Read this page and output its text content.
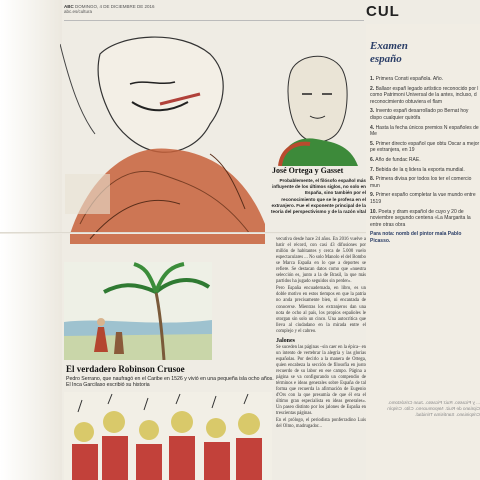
ABC DOMINGO, 4 DE DICIEMBRE DE 2016
abc.es/cultura	CUL
José Ortega y Gasset
Probablemente, el filósofo español más influyente de los últimos siglos, no solo en España, sino también por el reconocimiento que se le profesa en el extranjero. Fue el exponente principal de la teoría del perspectivismo y de la razón vital

vecutiva desde hace 24 años. En 2016 vuelve a batir el récord, con casi 43 difusiones por millón de habitantes y cerca de 5.000 vuelo espectaculares ... No solo Manolo el del Bombo se Marca España en lo que a deportes se refiere. Se destacan datos como que «nuestra selección es, junto a la de Brasil, la que más partidos ha jugado seguidos sin perder».

Pero España encuadernada, en libro, es un doble motivo en estos tiempos en que la patria no anda precisamente bien, ni encantada de conocerse. Mientras los extranjeros dan una nota de ocho al país, los propios españoles le otorgan sin solo un cinco. Una autocrítica que lleva al ciudadano en la mirada entre el complejo y el cabreo.

Jalones

Se suceden las páginas –sin caer en la épica– en un intento de vertebrar la alegría y las glorias españolas. Por decirlo a la manera de Ortega, quien encabeza la sección de filosofía en justo recuerdo de su labor en ese campo. Página a página se va configurando un compendio de términos e ideas generales sobre España de tal forma que recuerda la afirmación de Eugenio d'Ors con la que presumía de que él era el último gran especialista en ideas generales». Un paseo distinto por los jalones de España en trescientas páginas.

En el prólogo, el periodista ponferradino Luis del Olmo, madrugador...

El verdadero Robinson Crusoe
Pedro Serrano, que naufragó en el Caribe en 1526 y vivió en una pequeña isla ocho años. El Inca Garcilaso escribió su historia
Examen
españo
1. Primera Consti española. Año.
2. Ballaor españ legado artístico reconocido por l como Patrimoni Universal de la antes, incluso, d reconocimiento obtuviera el flam
3. Invento españ desarrollado po Bernat hoy dispo cualquier quirófa
4. Hasta la fecha únicos premios N españoles de Me
5. Primer directo español que obtu Oscar a mejor pe extranjera, en 19
6. Año de fundac RAE.
7. Bebida de la q lidera la exporta mundial.
8. Primera divisa por todos los ter el comercio mun
9. Primer españo completar la vue mundo entre 1519
10. Poeta y dram español de cuyo y 20 de noviembre segundo centena «La Margarita la entre otras obra
Para nota: nomb del pintor mala Pablo Picasso.
... y Picasso. Ruiz Picasso. Juan Crisóstomo. Cipriano de Ruiz. Nepomuceno. Clito. Crispín Crispiniano. Santísima Trinidad.
